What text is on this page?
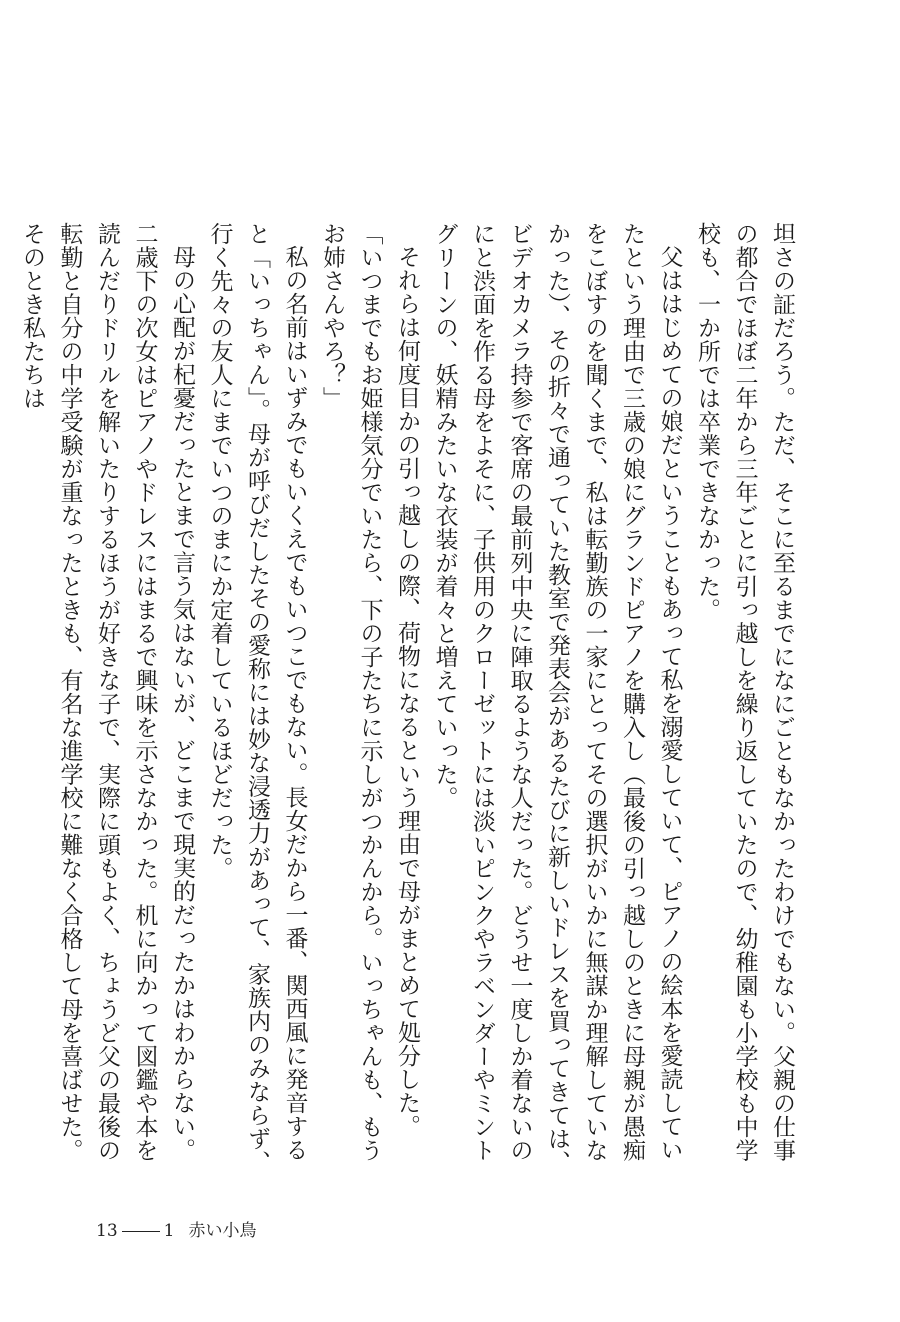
坦さの証だろう。ただ、そこに至るまでになにごともなかったわけでもない。父親の仕事の都合でほぼ二年から三年ごとに引っ越しを繰り返していたので、幼稚園も小学校も中学校も、一か所では卒業できなかった。

父ははじめての娘だということもあって私を溺愛していて、ピアノの絵本を愛読していたという理由で三歳の娘にグランドピアノを購入し（最後の引っ越しのときに母親が愚痴をこぼすのを聞くまで、私は転勤族の一家にとってその選択がいかに無謀か理解していなかった）、その折々で通っていた教室で発表会があるたびに新しいドレスを買ってきては、ビデオカメラ持参で客席の最前列中央に陣取るような人だった。どうせ一度しか着ないのにと渋面を作る母をよそに、子供用のクローゼットには淡いピンクやラベンダーやミントグリーンの、妖精みたいな衣装が着々と増えていった。

それらは何度目かの引っ越しの際、荷物になるという理由で母がまとめて処分した。

「いつまでもお姫様気分でいたら、下の子たちに示しがつかんから。いっちゃんも、もうお姉さんやろ？」

私の名前はいずみでもいくえでもいつこでもない。長女だから一番、関西風に発音すると「いっちゃん」。母が呼びだしたその愛称には妙な浸透力があって、家族内のみならず、行く先々の友人にまでいつのまにか定着しているほどだった。

母の心配が杞憂だったとまで言う気はないが、どこまで現実的だったかはわからない。二歳下の次女はピアノやドレスにはまるで興味を示さなかった。机に向かって図鑑や本を読んだりドリルを解いたりするほうが好きな子で、実際に頭もよく、ちょうど父の最後の転勤と自分の中学受験が重なったときも、有名な進学校に難なく合格して母を喜ばせた。そのとき私たちは

13	1 赤い小鳥
